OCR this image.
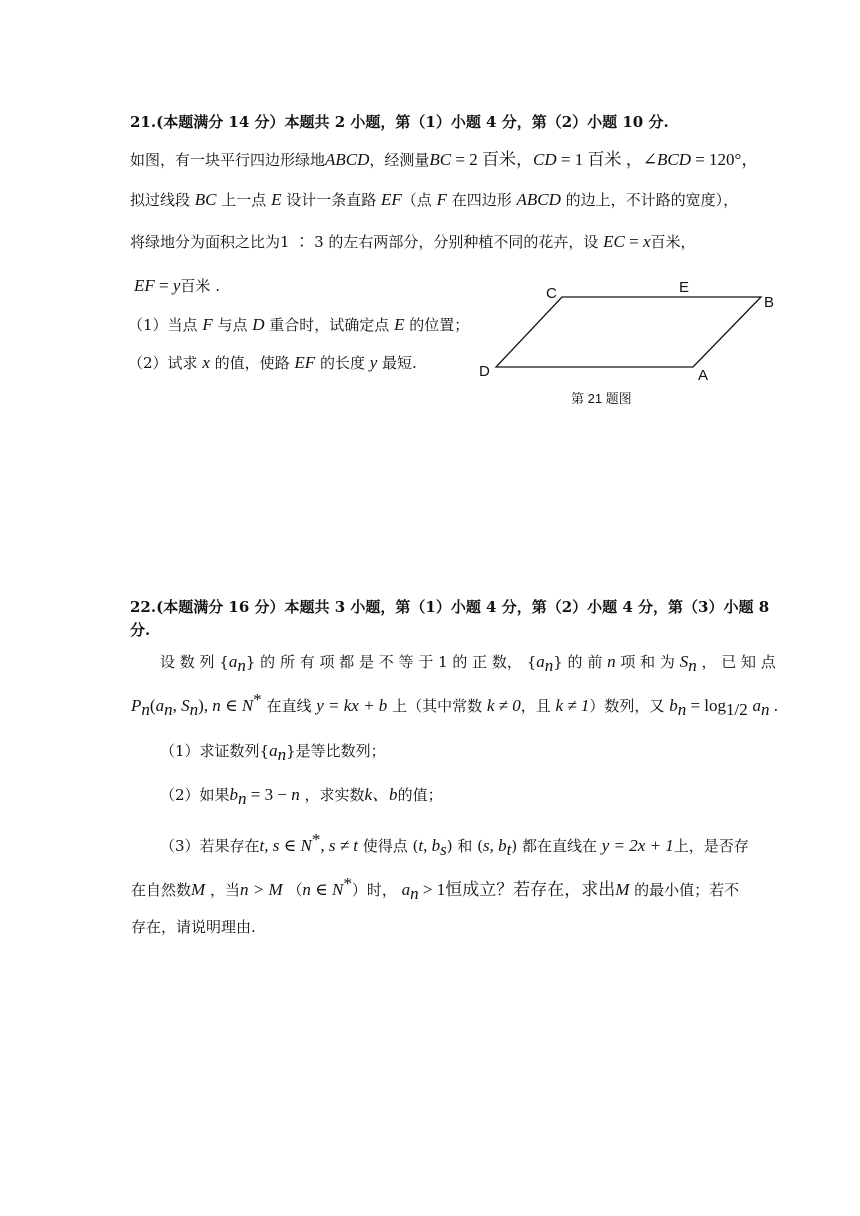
21.(本题满分 14 分）本题共 2 小题，第（1）小题 4 分，第（2）小题 10 分.
如图，有一块平行四边形绿地ABCD，经测量BC = 2 百米，CD = 1 百米 ，∠BCD = 120°，
拟过线段 BC 上一点 E 设计一条直路 EF（点 F 在四边形 ABCD 的边上，不计路的宽度），
将绿地分为面积之比为1 ∶ 3 的左右两部分，分别种植不同的花卉，设 EC = x百米，
EF = y百米 .
（1）当点 F 与点 D 重合时，试确定点 E 的位置；
（2）试求 x 的值，使路 EF 的长度 y 最短.
C	E
B
D	A
第 21 题图
22.(本题满分 16 分）本题共 3 小题，第（1）小题 4 分，第（2）小题 4 分，第（3）小题 8
分.
设 数 列 $\{a_n\}$ 的 所 有 项 都 是 不 等 于 1 的 正 数， $\{a_n\}$ 的 前 n 项 和 为 $S_n$ ， 已 知 点
$P_n(a_n$, $S_n$), n ∈ N* 在直线 y = kx + b 上（其中常数 k ≠ 0，且 k ≠ 1）数列，又 $b_n = \log_{1/2} a_n$ .
（1）求证数列$\{a_n\}$是等比数列；
（2）如果$b_n = 3 - n$ ，求实数k、b的值；
（3）若果存在t, s ∈ N*, s ≠ t 使得点 (t, $b_s$) 和 (s, $b_t$) 都在直线在 y = 2x + 1上，是否存
在自然数M ，当n > M （n ∈ N*）时， $a_n > 1$恒成立？若存在，求出M 的最小值；若不
存在，请说明理由.
